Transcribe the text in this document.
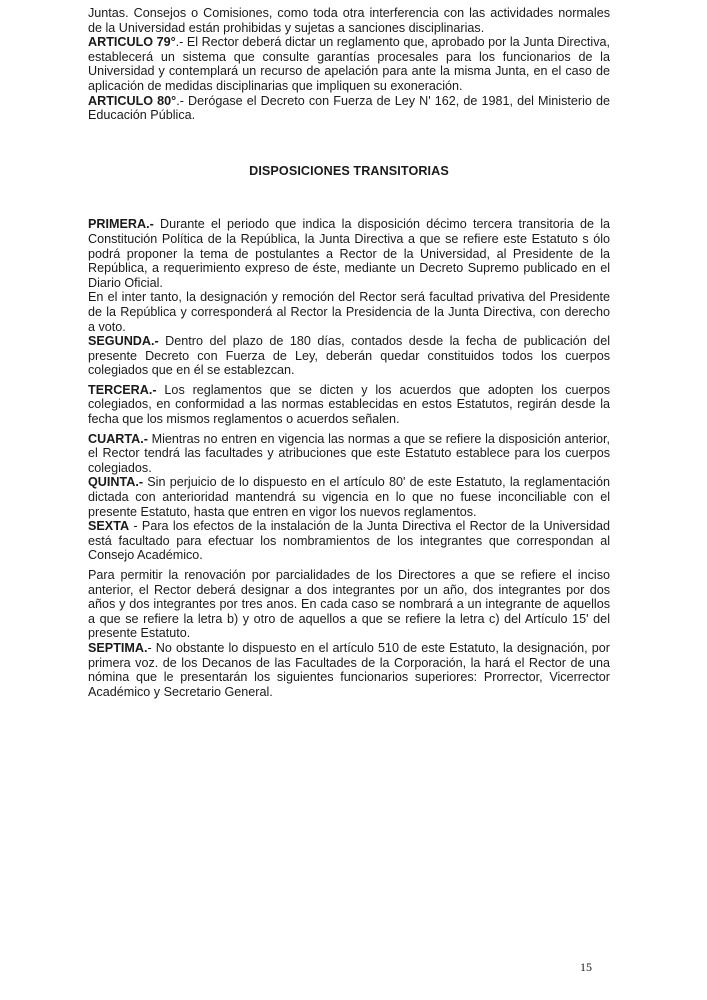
Juntas. Consejos o Comisiones, como toda otra interferencia con las actividades normales de la Universidad están prohibidas y sujetas a sanciones disciplinarias.

ARTICULO 79°.- El Rector deberá dictar un reglamento que, aprobado por la Junta Directiva, establecerá un sistema que consulte garantías procesales para los funcionarios de la Universidad y contemplará un recurso de apelación para ante la misma Junta, en el caso de aplicación de medidas disciplinarias que impliquen su exoneración.

ARTICULO 80°.- Derógase el Decreto con Fuerza de Ley N' 162, de 1981, del Ministerio de Educación Pública.

DISPOSICIONES TRANSITORIAS

PRIMERA.- Durante el periodo que indica la disposición décimo tercera transitoria de la Constitución Política de la República, la Junta Directiva a que se refiere este Estatuto s ólo podrá proponer la tema de postulantes a Rector de la Universidad, al Presidente de la República, a requerimiento expreso de éste, mediante un Decreto Supremo publicado en el Diario Oficial.

En el inter tanto, la designación y remoción del Rector será facultad privativa del Presidente de la República y corresponderá al Rector la Presidencia de la Junta Directiva, con derecho a voto.

SEGUNDA.- Dentro del plazo de 180 días, contados desde la fecha de publicación del presente Decreto con Fuerza de Ley, deberán quedar constituidos todos los cuerpos colegiados que en él se establezcan.

TERCERA.- Los reglamentos que se dicten y los acuerdos que adopten los cuerpos colegiados, en conformidad a las normas establecidas en estos Estatutos, regirán desde la fecha que los mismos reglamentos o acuerdos señalen.

CUARTA.- Mientras no entren en vigencia las normas a que se refiere la disposición anterior, el Rector tendrá las facultades y atribuciones que este Estatuto establece para los cuerpos colegiados.

QUINTA.- Sin perjuicio de lo dispuesto en el artículo 80' de este Estatuto, la reglamentación dictada con anterioridad mantendrá su vigencia en lo que no fuese inconciliable con el presente Estatuto, hasta que entren en vigor los nuevos reglamentos.

SEXTA - Para los efectos de la instalación de la Junta Directiva el Rector de la Universidad está facultado para efectuar los nombramientos de los integrantes que correspondan al Consejo Académico.

Para permitir la renovación por parcialidades de los Directores a que se refiere el inciso anterior, el Rector deberá designar a dos integrantes por un año, dos integrantes por dos años y dos integrantes por tres anos. En cada caso se nombrará a un integrante de aquellos a que se refiere la letra b) y otro de aquellos a que se refiere la letra c) del Artículo 15' del presente Estatuto.

SEPTIMA.- No obstante lo dispuesto en el artículo 510 de este Estatuto, la designación, por primera voz. de los Decanos de las Facultades de la Corporación, la hará el Rector de una nómina que le presentarán los siguientes funcionarios superiores: Prorrector, Vicerrector Académico y Secretario General.

15
